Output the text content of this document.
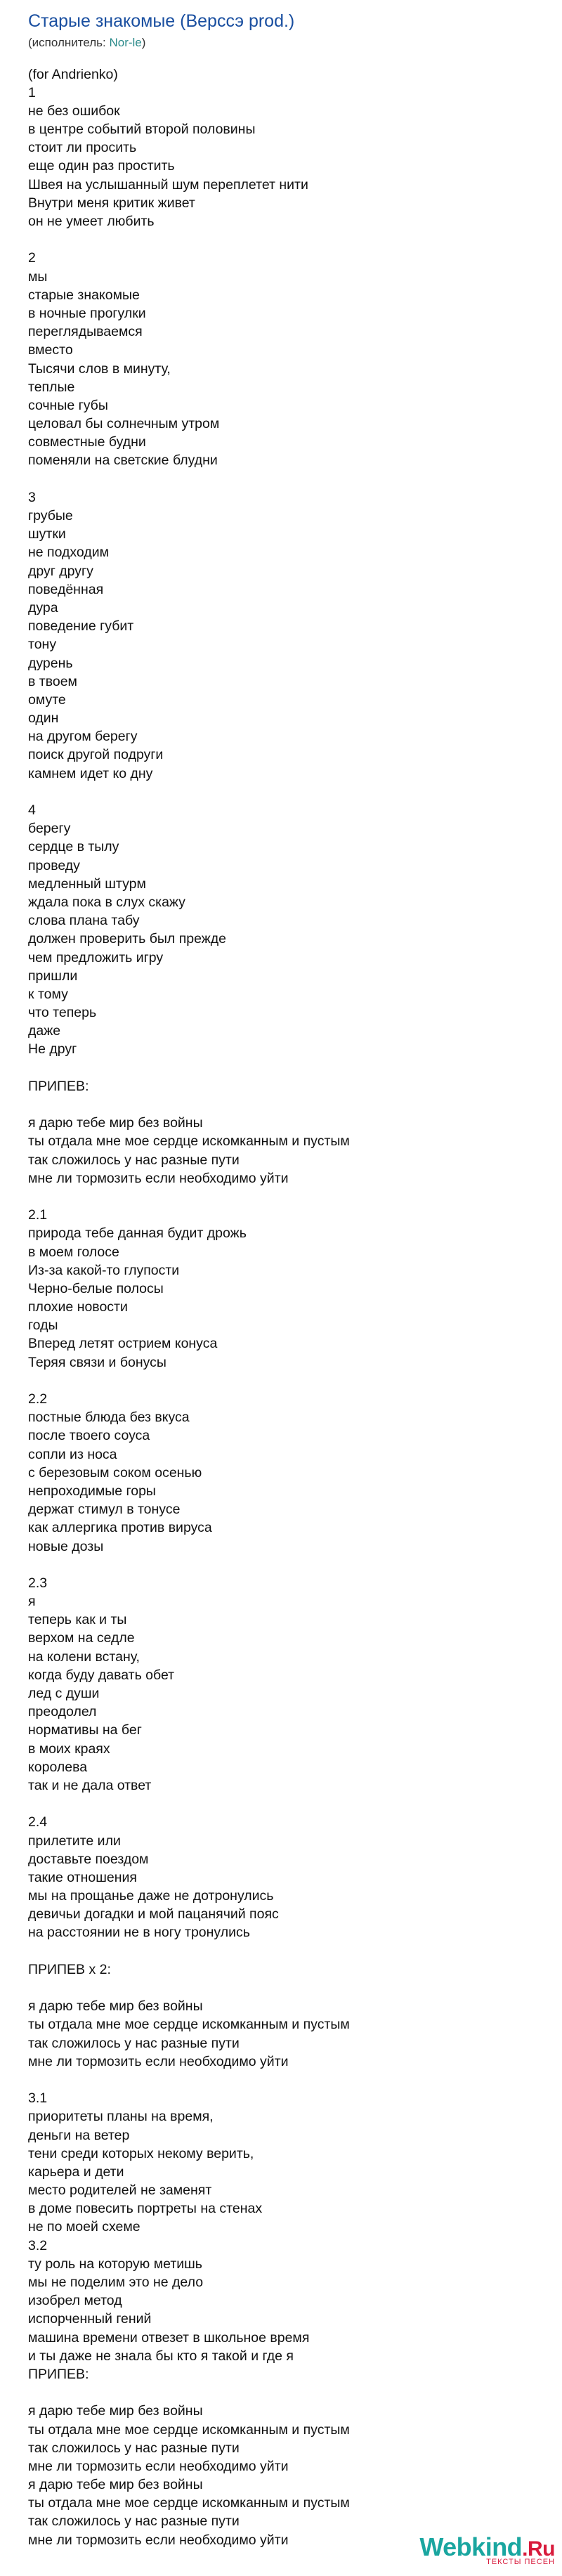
Старые знакомые (Верссэ prod.)
(исполнитель: Nor-le)
(for Andrienko)
1
не без ошибок
в центре событий второй половины
стоит ли просить
еще один раз простить
Швея на услышанный шум переплетет нити
Внутри меня критик живет
он не умеет любить
2
мы
старые знакомые
в ночные прогулки
переглядываемся
вместо
Тысячи слов в минуту,
теплые
сочные губы
целовал бы солнечным утром
совместные будни
поменяли на светские блудни
3
грубые
шутки
не подходим
друг другу
поведённая
дура
поведение губит
тону
дурень
в твоем
омуте
один
на другом берегу
поиск другой подруги
камнем идет ко дну
4
берегу
сердце в тылу
проведу
медленный штурм
ждала пока в слух скажу
слова плана табу
должен проверить был прежде
чем предложить игру
пришли
к тому
что теперь
даже
Не друг
ПРИПЕВ:
я дарю тебе мир без войны
ты отдала мне мое сердце искомканным и пустым
так сложилось у нас разные пути
мне ли тормозить если необходимо уйти
2.1
природа тебе данная будит дрожь
в моем голосе
Из-за какой-то глупости
Черно-белые полосы
плохие новости
годы
Вперед летят острием конуса
Теряя связи и бонусы
2.2
постные блюда без вкуса
после твоего соуса
сопли из носа
с березовым соком осенью
непроходимые горы
держат стимул в тонусе
как аллергика против вируса
новые дозы
2.3
я
теперь как и ты
верхом на седле
на колени встану,
когда буду давать обет
лед с души
преодолел
нормативы на бег
в моих краях
королева
так и не дала ответ
2.4
прилетите или
доставьте поездом
такие отношения
мы на прощанье даже не дотронулись
девичьи догадки и мой пацанячий пояс
на расстоянии не в ногу тронулись
ПРИПЕВ x 2:
я дарю тебе мир без войны
ты отдала мне мое сердце искомканным и пустым
так сложилось у нас разные пути
мне ли тормозить если необходимо уйти
3.1
приоритеты планы на время,
деньги на ветер
тени среди которых некому верить,
карьера и дети
место родителей не заменят
в доме повесить портреты на стенах
не по моей схеме
3.2
ту роль на которую метишь
мы не поделим это не дело
изобрел метод
испорченный гений
машина времени отвезет в школьное время
и ты даже не знала бы кто я такой и где я
ПРИПЕВ:
я дарю тебе мир без войны
ты отдала мне мое сердце искомканным и пустым
так сложилось у нас разные пути
мне ли тормозить если необходимо уйти
я дарю тебе мир без войны
ты отдала мне мое сердце искомканным и пустым
так сложилось у нас разные пути
мне ли тормозить если необходимо уйти	Webkind.Ru
ТЕКСТЫ ПЕСЕН
